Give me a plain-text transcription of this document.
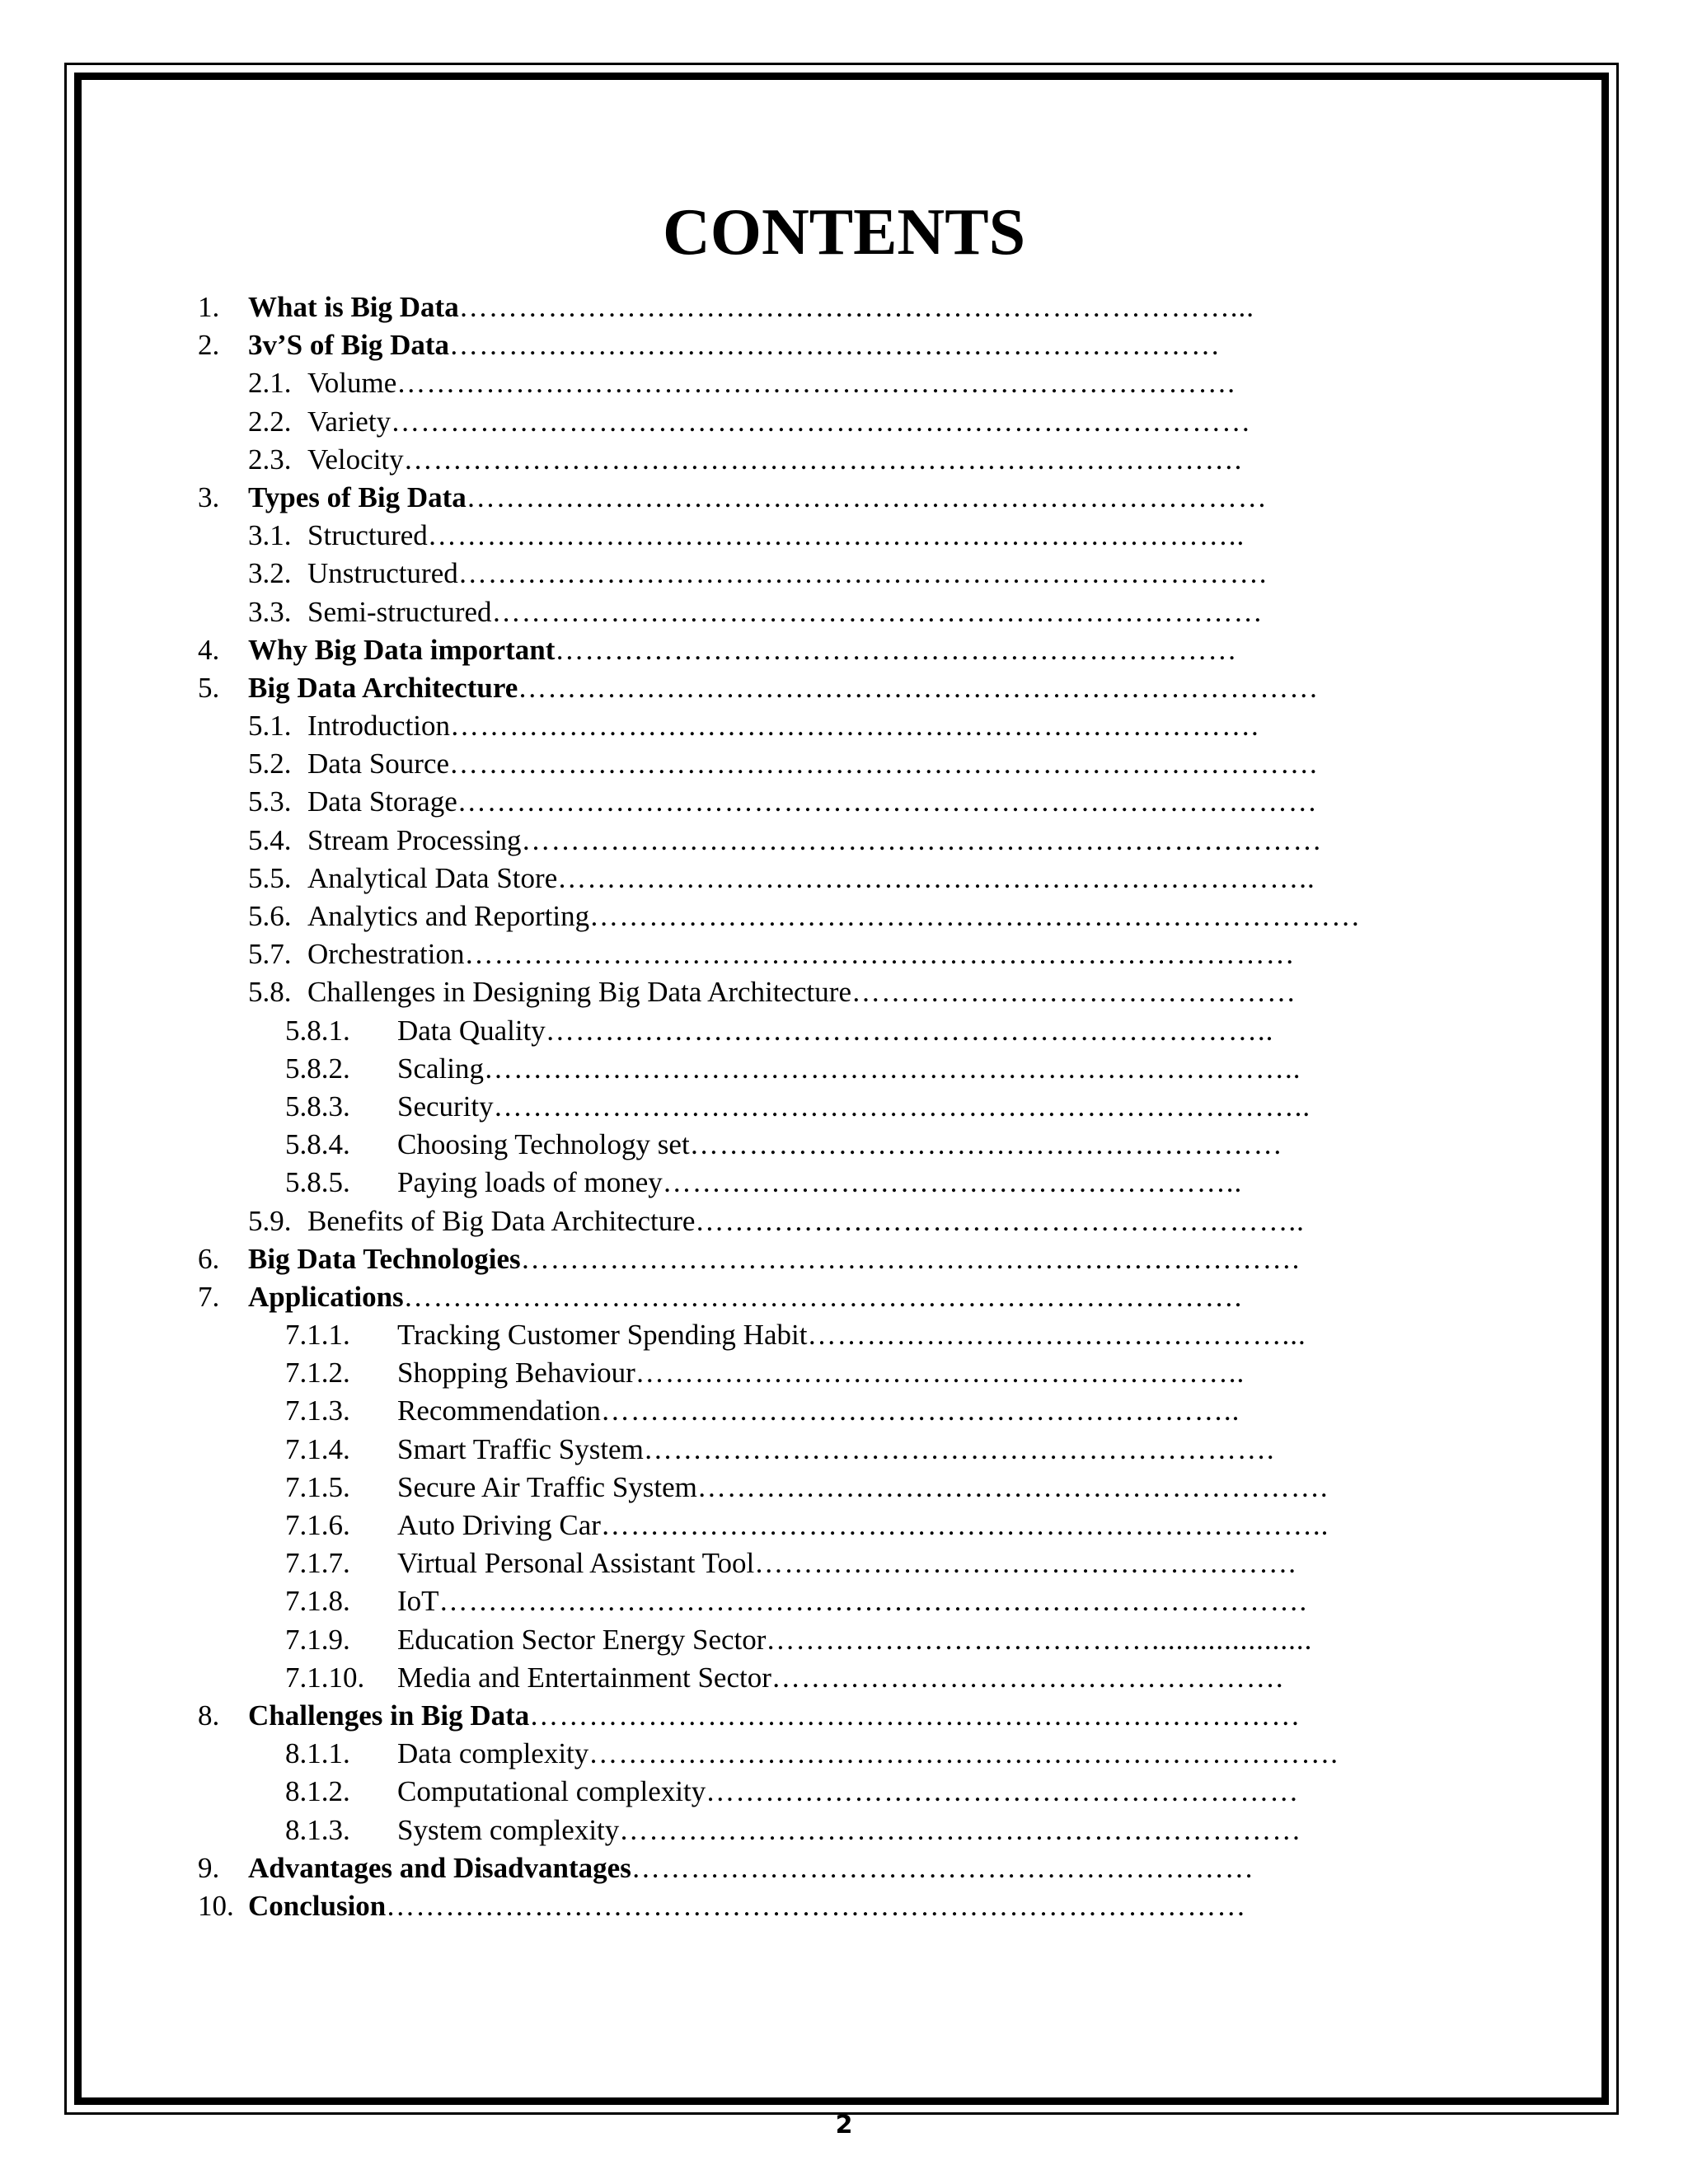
CONTENTS
1. What is Big Data……………………………………………………………………...
2. 3v’S of Big Data……………………………………………………………………
2.1. Volume………………………………………………………………………….
2.2. Variety……………………………………………………………………………
2.3. Velocity………………………………………………………………………….
3. Types of Big Data………………………………………………………………………
3.1. Structured………………………………………………………………………..
3.2. Unstructured……………………………………………………………………….
3.3. Semi-structured……………………………………………………………………
4. Why Big Data important……………………………………………………………
5. Big Data Architecture………………………………………………………………………
5.1. Introduction……………………………………………………………………….
5.2. Data Source…………………………………………………………………………….
5.3. Data Storage……………………………………………………………………………
5.4. Stream Processing………………………………………………………………………
5.5. Analytical Data Store…………………………………………………………………..
5.6. Analytics and Reporting……………………………………………………………………
5.7. Orchestration…………………………………………………………………………
5.8. Challenges in Designing Big Data Architecture………………………………………
5.8.1. Data Quality………………………………………………………………..
5.8.2. Scaling………………………………………………………………………..
5.8.3. Security………………………………………………………………………..
5.8.4. Choosing Technology set……………………………………………………
5.8.5. Paying loads of money…………………………………………………..
5.9. Benefits of Big Data Architecture……………………………………………………..
6. Big Data Technologies…………………………………………………………………….
7. Applications………………………………………………………………………….
7.1.1. Tracking Customer Spending Habit…………………………………………...
7.1.2. Shopping Behaviour……………………………………………………..
7.1.3. Recommendation………………………………………………………..
7.1.4. Smart Traffic System……………………………………………………….
7.1.5. Secure Air Traffic System……………………………………………………….
7.1.6. Auto Driving Car………………………………………………………………..
7.1.7. Virtual Personal Assistant Tool……………………………………………….
7.1.8. IoT…………………………………………………………………………….
7.1.9. Education Sector Energy Sector…………………………………....................
7.1.10. Media and Entertainment Sector…………………………………………….
8. Challenges in Big Data……………………………………………………………………
8.1.1. Data complexity………………………………………………………………….
8.1.2. Computational complexity……………………………………………………
8.1.3. System complexity……………………………………………………………
9. Advantages and Disadvantages………………………………………………………
10. Conclusion……………………………………………………………………………
2
